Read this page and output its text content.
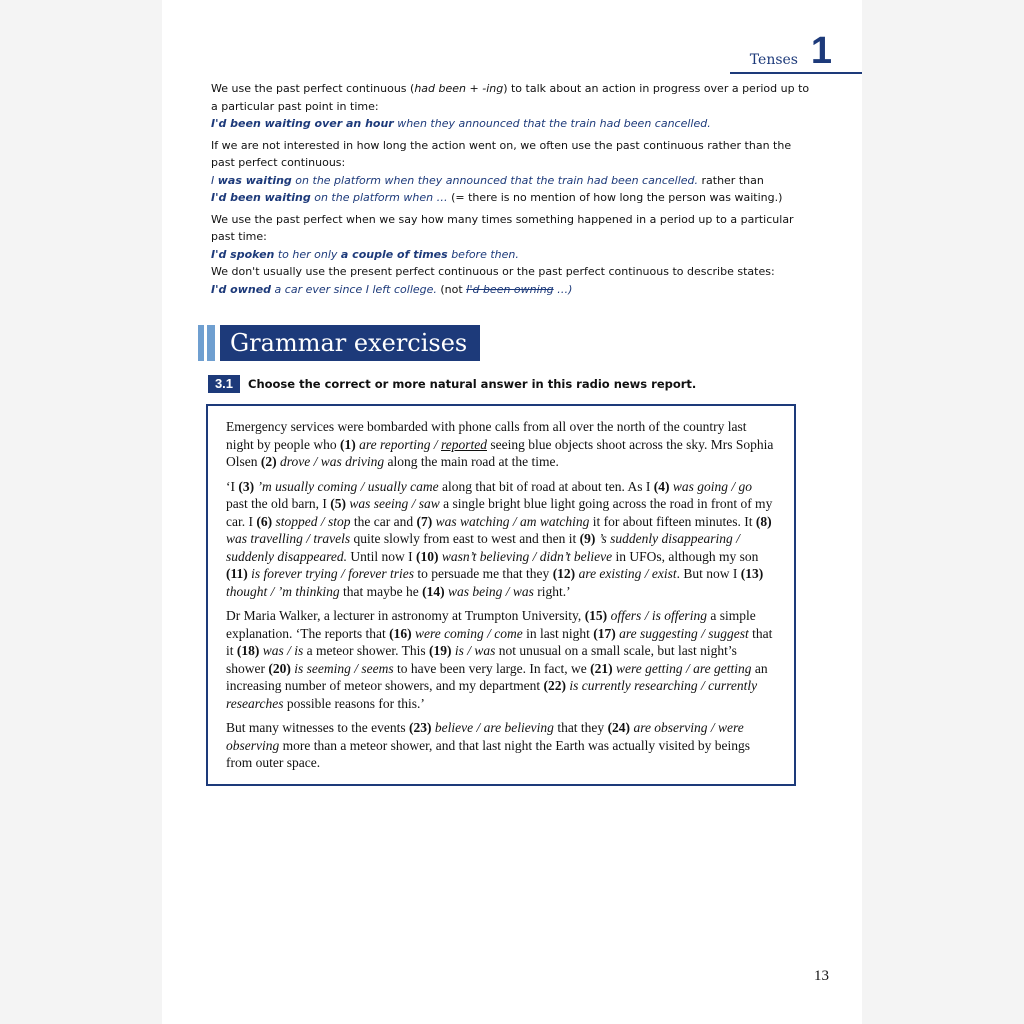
Tenses 1

We use the past perfect continuous (had been + -ing) to talk about an action in progress over a period up to a particular past point in time:

I'd been waiting over an hour when they announced that the train had been cancelled.

If we are not interested in how long the action went on, we often use the past continuous rather than the past perfect continuous:

I was waiting on the platform when they announced that the train had been cancelled. rather than

I'd been waiting on the platform when … (= there is no mention of how long the person was waiting.)

We use the past perfect when we say how many times something happened in a period up to a particular past time:

I'd spoken to her only a couple of times before then.

We don't usually use the present perfect continuous or the past perfect continuous to describe states:

I'd owned a car ever since I left college. (not I'd been owning …)

Grammar exercises
3.1	Choose the correct or more natural answer in this radio news report.

Emergency services were bombarded with phone calls from all over the north of the country last night by people who (1) are reporting / reported seeing blue objects shoot across the sky. Mrs Sophia Olsen (2) drove / was driving along the main road at the time.

‘I (3) ’m usually coming / usually came along that bit of road at about ten. As I (4) was going / go past the old barn, I (5) was seeing / saw a single bright blue light going across the road in front of my car. I (6) stopped / stop the car and (7) was watching / am watching it for about fifteen minutes. It (8) was travelling / travels quite slowly from east to west and then it (9) ’s suddenly disappearing / suddenly disappeared. Until now I (10) wasn’t believing / didn’t believe in UFOs, although my son (11) is forever trying / forever tries to persuade me that they (12) are existing / exist. But now I (13) thought / ’m thinking that maybe he (14) was being / was right.’

Dr Maria Walker, a lecturer in astronomy at Trumpton University, (15) offers / is offering a simple explanation. ‘The reports that (16) were coming / come in last night (17) are suggesting / suggest that it (18) was / is a meteor shower. This (19) is / was not unusual on a small scale, but last night’s shower (20) is seeming / seems to have been very large. In fact, we (21) were getting / are getting an increasing number of meteor showers, and my department (22) is currently researching / currently researches possible reasons for this.’

But many witnesses to the events (23) believe / are believing that they (24) are observing / were observing more than a meteor shower, and that last night the Earth was actually visited by beings from outer space.

13
